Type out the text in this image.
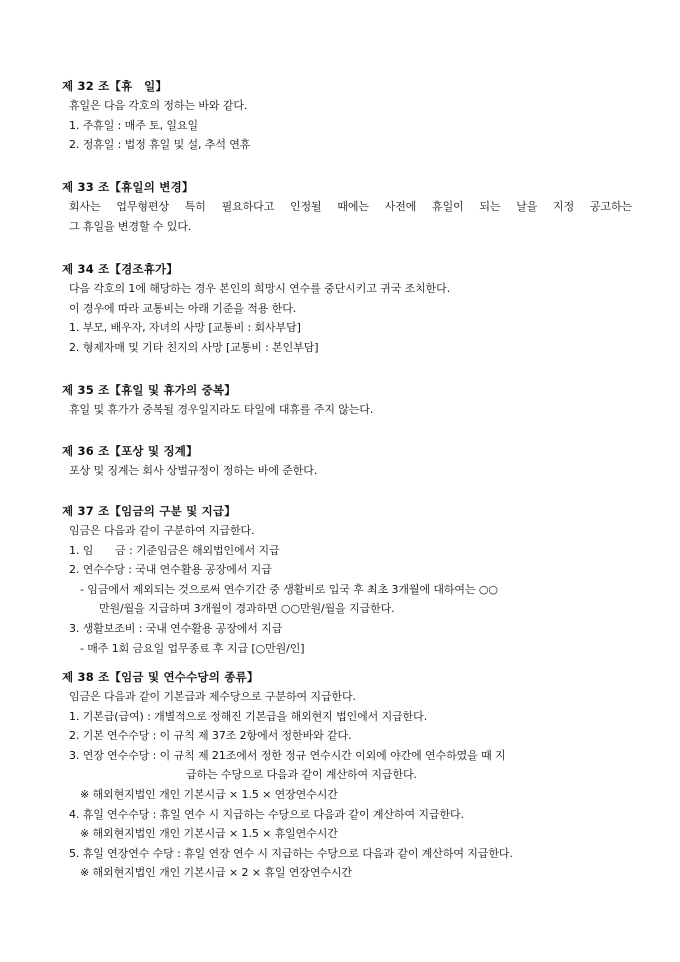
제 32 조【휴　일】
휴일은 다음 각호의 정하는 바와 같다.
1. 주휴일 : 매주 토, 일요일
2. 정휴일 : 법정 휴일 및 설, 추석 연휴
제 33 조【휴일의 변경】
회사는 업무형편상 특히 필요하다고 인정될 때에는 사전에 휴일이 되는 날을 지정 공고하는
그 휴일을 변경할 수 있다.
제 34 조【경조휴가】
다음 각호의 1에 해당하는 경우 본인의 희망시 연수를 중단시키고 귀국 조치한다.
이 경우에 따라 교통비는 아래 기준을 적용 한다.
1. 부모, 배우자, 자녀의 사망 [교통비 : 회사부담]
2. 형제자매 및 기타 친지의 사망 [교통비 : 본인부담]
제 35 조【휴일 및 휴가의 중복】
휴일 및 휴가가 중복될 경우일지라도 타일에 대휴를 주지 않는다.
제 36 조【포상 및 징계】
포상 및 징계는 회사 상벌규정이 정하는 바에 준한다.
제 37 조【임금의 구분 및 지급】
임금은 다음과 같이 구분하여 지급한다.
1. 임　　금 : 기준임금은 해외법인에서 지급
2. 연수수당 : 국내 연수활용 공장에서 지급
- 임금에서 제외되는 것으로써 연수기간 중 생활비로 입국 후 최초 3개월에 대하여는 ○○
만원/월을 지급하며 3개월이 경과하면 ○○만원/월을 지급한다.
3. 생활보조비 : 국내 연수활용 공장에서 지급
- 매주 1회 금요일 업무종료 후 지급 [○만원/인]
제 38 조【임금 및 연수수당의 종류】
임금은 다음과 같이 기본급과 제수당으로 구분하여 지급한다.
1. 기본급(급여) : 개별적으로 정해진 기본급을 해외현지 법인에서 지급한다.
2. 기본 연수수당 : 이 규칙 제 37조 2항에서 정한바와 같다.
3. 연장 연수수당 : 이 규칙 제 21조에서 정한 정규 연수시간 이외에 야간에 연수하였을 때 지
급하는 수당으로 다음과 같이 계산하여 지급한다.
※ 해외현지법인 개인 기본시급 × 1.5 × 연장연수시간
4. 휴일 연수수당 : 휴일 연수 시 지급하는 수당으로 다음과 같이 계산하여 지급한다.
※ 해외현지법인 개인 기본시급 × 1.5 × 휴일연수시간
5. 휴일 연장연수 수당 : 휴일 연장 연수 시 지급하는 수당으로 다음과 같이 계산하여 지급한다.
※ 해외현지법인 개인 기본시급 × 2 × 휴일 연장연수시간
